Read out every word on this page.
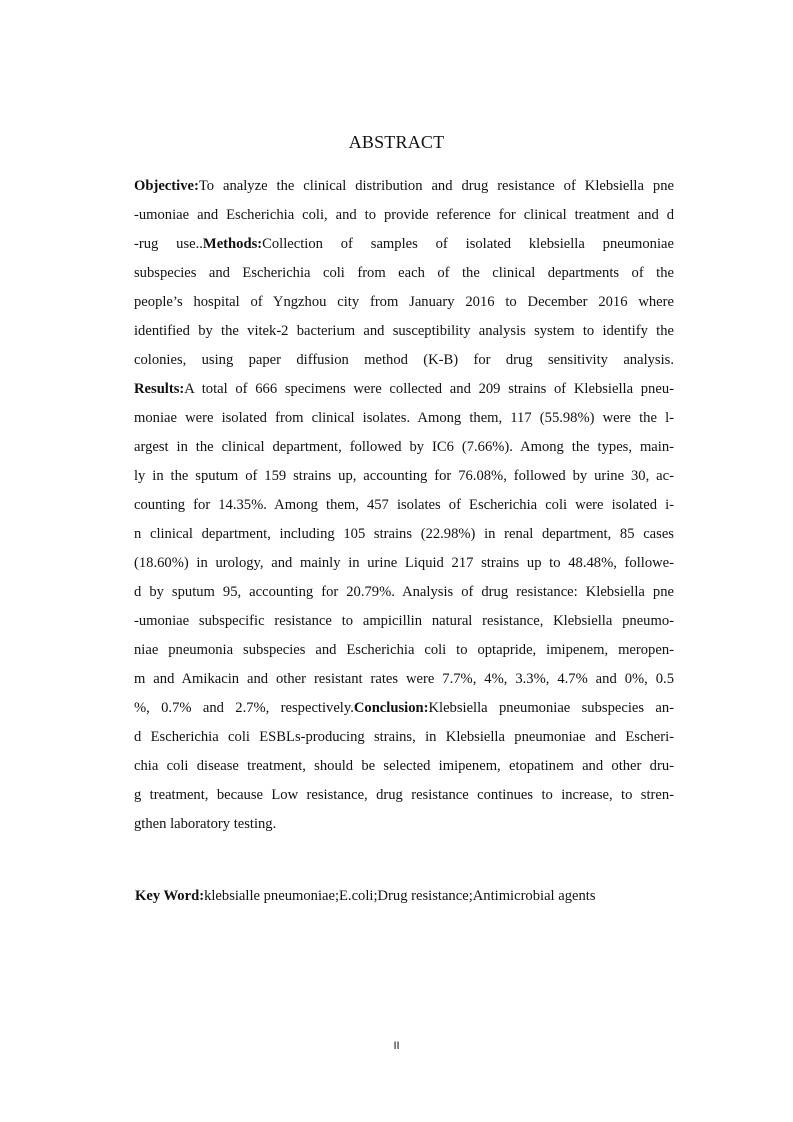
ABSTRACT
Objective:To analyze the clinical distribution and drug resistance of Klebsiella pne
-umoniae and Escherichia coli, and to provide reference for clinical treatment and d
-rug use..Methods:Collection of samples of isolated klebsiella pneumoniae
subspecies and Escherichia coli from each of the clinical departments of the
people’s hospital of Yngzhou city from January 2016 to December 2016 where
identified by the vitek-2 bacterium and susceptibility analysis system to identify the
colonies, using paper diffusion method (K-B) for drug sensitivity analysis.
Results:A total of 666 specimens were collected and 209 strains of Klebsiella pneu-
moniae were isolated from clinical isolates. Among them, 117 (55.98%) were the l-
argest in the clinical department, followed by IC6 (7.66%). Among the types, main-
ly in the sputum of 159 strains up, accounting for 76.08%, followed by urine 30, ac-
counting for 14.35%. Among them, 457 isolates of Escherichia coli were isolated i-
n clinical department, including 105 strains (22.98%) in renal department, 85 cases
(18.60%) in urology, and mainly in urine Liquid 217 strains up to 48.48%, followe-
d by sputum 95, accounting for 20.79%. Analysis of drug resistance: Klebsiella pne
-umoniae subspecific resistance to ampicillin natural resistance, Klebsiella pneumo-
niae pneumonia subspecies and Escherichia coli to optapride, imipenem, meropen-
m and Amikacin and other resistant rates were 7.7%, 4%, 3.3%, 4.7% and 0%, 0.5
%, 0.7% and 2.7%, respectively.Conclusion:Klebsiella pneumoniae subspecies an-
d Escherichia coli ESBLs-producing strains, in Klebsiella pneumoniae and Escheri-
chia coli disease treatment, should be selected imipenem, etopatinem and other dru-
g treatment, because Low resistance, drug resistance continues to increase, to stren-
gthen laboratory testing.
Key Word:klebsialle pneumoniae;E.coli;Drug resistance;Antimicrobial agents
II
